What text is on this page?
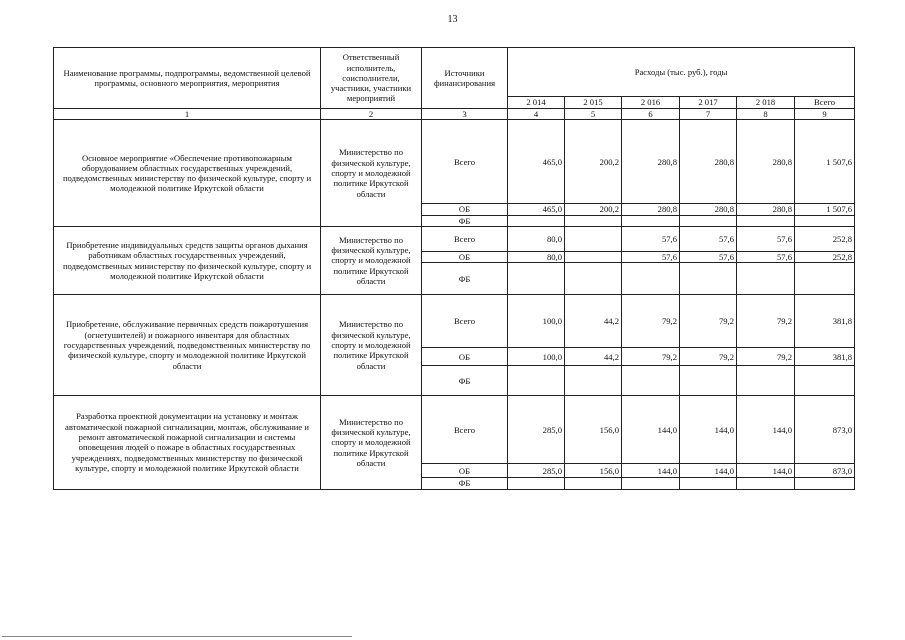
13
Наименование программы, подпрограммы, ведомственной целевой программы, основного мероприятия, мероприятия	Ответственный исполнитель, соисполнители, участники, участники мероприятий	Источники финансирования	Расходы (тыс. руб.), годы					
			2 014	2 015	2 016	2 017	2 018	Всего
1	2	3	4	5	6	7	8	9
Основное мероприятие «Обеспечение противопожарным оборудованием областных государственных учреждений, подведомственных министерству по физической культуре, спорту и молодежной политике Иркутской области	Министерство по физической культуре, спорту и молодежной политике Иркутской области	Всего	465,0	200,2	280,8	280,8	280,8	1 507,6
		ОБ	465,0	200,2	280,8	280,8	280,8	1 507,6
		ФБ						
Приобретение индивидуальных средств защиты органов дыхания работникам областных государственных учреждений, подведомственных министерству по физической культуре, спорту и молодежной политике Иркутской области	Министерство по физической культуре, спорту и молодежной политике Иркутской области	Всего	80,0		57,6	57,6	57,6	252,8
		ОБ	80,0		57,6	57,6	57,6	252,8
		ФБ						
Приобретение, обслуживание первичных средств пожаротушения (огнетушителей) и пожарного инвентаря для областных государственных учреждений, подведомственных министерству по физической культуре, спорту и молодежной политике Иркутской области	Министерство по физической культуре, спорту и молодежной политике Иркутской области	Всего	100,0	44,2	79,2	79,2	79,2	381,8
		ОБ	100,0	44,2	79,2	79,2	79,2	381,8
		ФБ						
Разработка проектной документации на установку и монтаж автоматической пожарной сигнализации, монтаж, обслуживание и ремонт автоматической пожарной сигнализации и системы оповещения людей о пожаре в областных государственных учреждениях, подведомственных министерству по физической культуре, спорту и молодежной политике Иркутской области	Министерство по физической культуре, спорту и молодежной политике Иркутской области	Всего	285,0	156,0	144,0	144,0	144,0	873,0
		ОБ	285,0	156,0	144,0	144,0	144,0	873,0
		ФБ						
